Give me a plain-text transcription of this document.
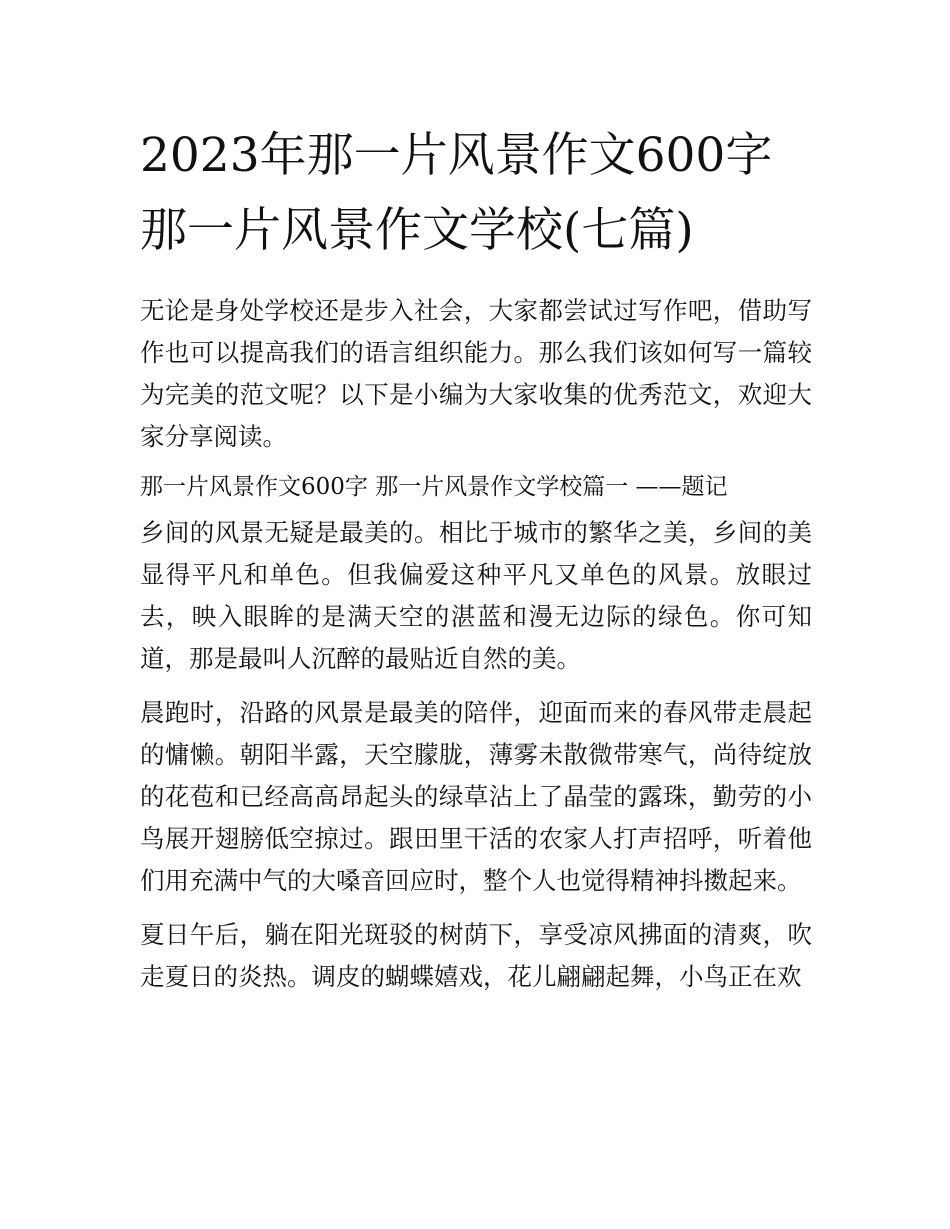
2023年那一片风景作文600字
那一片风景作文学校(七篇)

无论是身处学校还是步入社会，大家都尝试过写作吧，借助写作也可以提高我们的语言组织能力。那么我们该如何写一篇较为完美的范文呢？以下是小编为大家收集的优秀范文，欢迎大家分享阅读。

那一片风景作文600字 那一片风景作文学校篇一 ——题记

乡间的风景无疑是最美的。相比于城市的繁华之美，乡间的美显得平凡和单色。但我偏爱这种平凡又单色的风景。放眼过去，映入眼眸的是满天空的湛蓝和漫无边际的绿色。你可知道，那是最叫人沉醉的最贴近自然的美。

晨跑时，沿路的风景是最美的陪伴，迎面而来的春风带走晨起的慵懒。朝阳半露，天空朦胧，薄雾未散微带寒气，尚待绽放的花苞和已经高高昂起头的绿草沾上了晶莹的露珠，勤劳的小鸟展开翅膀低空掠过。跟田里干活的农家人打声招呼，听着他们用充满中气的大嗓音回应时，整个人也觉得精神抖擞起来。

夏日午后，躺在阳光斑驳的树荫下，享受凉风拂面的清爽，吹走夏日的炎热。调皮的蝴蝶嬉戏，花儿翩翩起舞，小鸟正在欢
